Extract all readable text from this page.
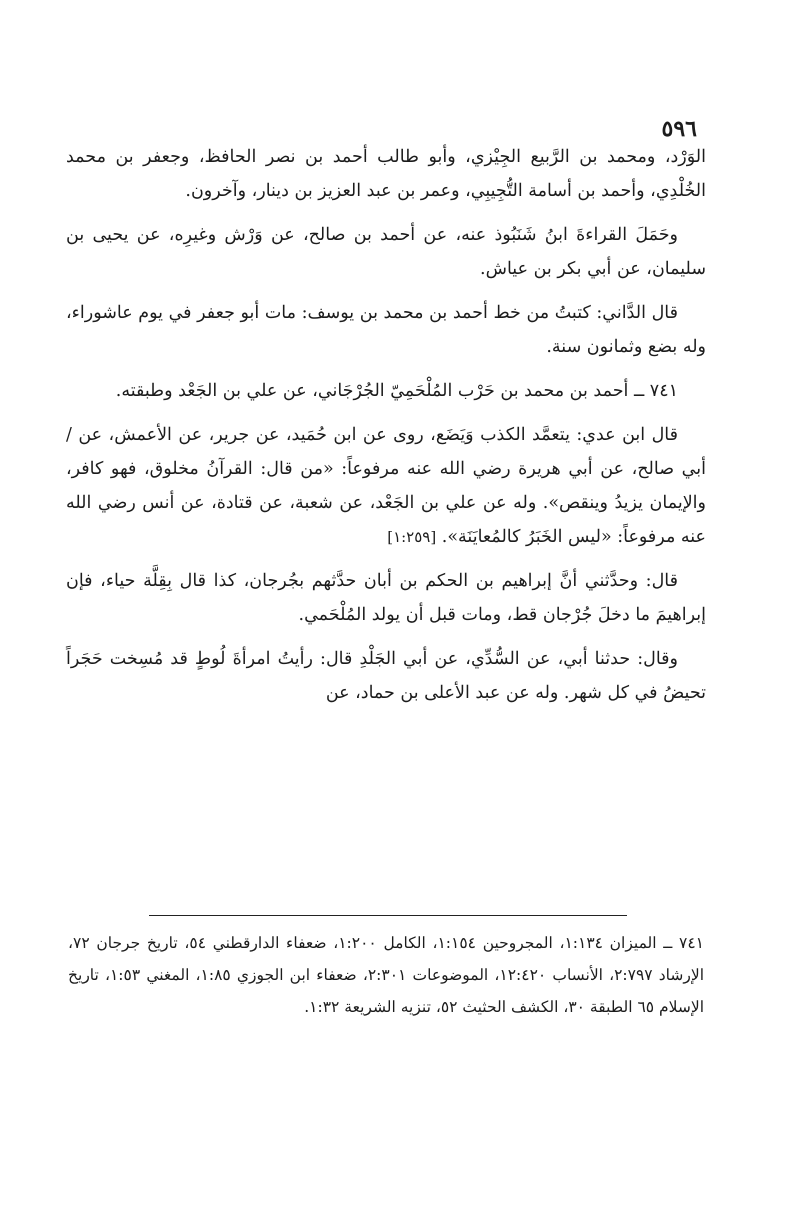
٥٩٦

الوَرْد، ومحمد بن الرَّبيع الجِيْزي، وأبو طالب أحمد بن نصر الحافظ، وجعفر بن محمد الخُلْدِي، وأحمد بن أسامة التُّجِيبِي، وعمر بن عبد العزيز بن دينار، وآخرون.

وحَمَلَ القراءةَ ابنُ شَنَبُوذ عنه، عن أحمد بن صالح، عن وَرْش وغيرِه، عن يحيى بن سليمان، عن أبي بكر بن عياش.

قال الدَّاني: كتبتُ من خط أحمد بن محمد بن يوسف: مات أبو جعفر في يوم عاشوراء، وله بضع وثمانون سنة.

٧٤١ ــ أحمد بن محمد بن حَرْب المُلْحَمِيّ الجُرْجَاني، عن علي بن الجَعْد وطبقته.

قال ابن عدي: يتعمَّد الكذب وَيَضَع، روى عن ابن حُمَيد، عن جرير، عن الأعمش، عن / أبي صالح، عن أبي هريرة رضي الله عنه مرفوعاً: «من قال: القرآنُ مخلوق، فهو كافر، والإيمان يزيدُ وينقص». وله عن علي بن الجَعْد، عن شعبة، عن قتادة، عن أنس رضي الله عنه مرفوعاً: «ليس الخَبَرُ كالمُعايَنَة». [١:٢٥٩]

قال: وحدَّثني أنَّ إبراهيم بن الحكم بن أبان حدَّثهم بجُرجان، كذا قال بِقِلَّة حياء، فإن إبراهيمَ ما دخلَ جُرْجان قط، ومات قبل أن يولد المُلْحَمي.

وقال: حدثنا أبي، عن السُّدِّي، عن أبي الجَلْدِ قال: رأيتُ امرأةَ لُوطٍ قد مُسِخت حَجَراً تحيضُ في كل شهر. وله عن عبد الأعلى بن حماد، عن

٧٤١ ــ الميزان ١:١٣٤، المجروحين ١:١٥٤، الكامل ١:٢٠٠، ضعفاء الدارقطني ٥٤، تاريخ جرجان ٧٢، الإرشاد ٢:٧٩٧، الأنساب ١٢:٤٢٠، الموضوعات ٢:٣٠١، ضعفاء ابن الجوزي ١:٨٥، المغني ١:٥٣، تاريخ الإسلام ٦٥ الطبقة ٣٠، الكشف الحثيث ٥٢، تنزيه الشريعة ١:٣٢.
